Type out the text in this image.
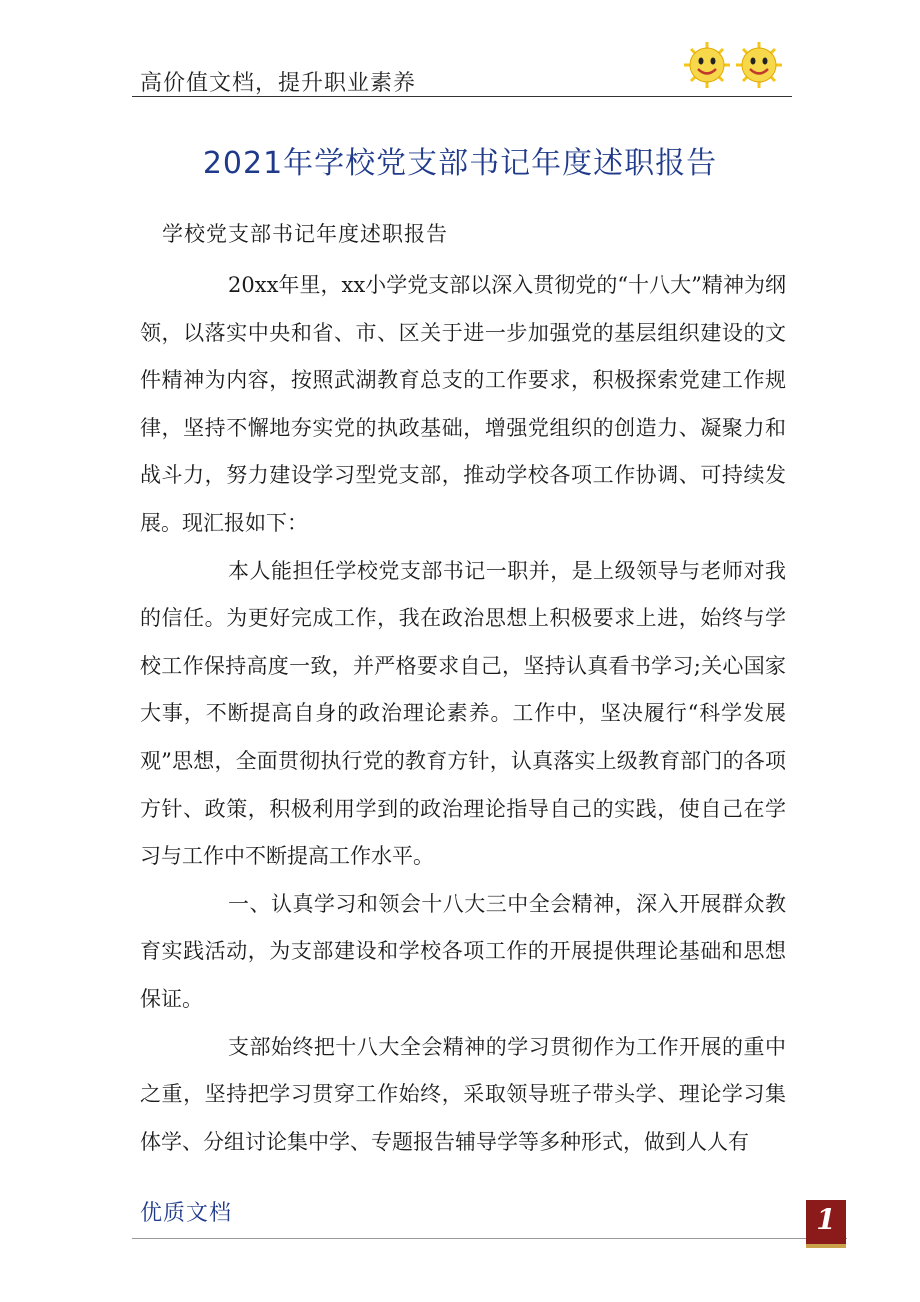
高价值文档，提升职业素养
2021年学校党支部书记年度述职报告
学校党支部书记年度述职报告

20xx年里，xx小学党支部以深入贯彻党的“十八大”精神为纲领，以落实中央和省、市、区关于进一步加强党的基层组织建设的文件精神为内容，按照武湖教育总支的工作要求，积极探索党建工作规律，坚持不懈地夯实党的执政基础，增强党组织的创造力、凝聚力和战斗力，努力建设学习型党支部，推动学校各项工作协调、可持续发展。现汇报如下：

本人能担任学校党支部书记一职并，是上级领导与老师对我的信任。为更好完成工作，我在政治思想上积极要求上进，始终与学校工作保持高度一致，并严格要求自己，坚持认真看书学习;关心国家大事，不断提高自身的政治理论素养。工作中，坚决履行“科学发展观”思想，全面贯彻执行党的教育方针，认真落实上级教育部门的各项方针、政策，积极利用学到的政治理论指导自己的实践，使自己在学习与工作中不断提高工作水平。

一、认真学习和领会十八大三中全会精神，深入开展群众教育实践活动，为支部建设和学校各项工作的开展提供理论基础和思想保证。

支部始终把十八大全会精神的学习贯彻作为工作开展的重中之重，坚持把学习贯穿工作始终，采取领导班子带头学、理论学习集体学、分组讨论集中学、专题报告辅导学等多种形式，做到人人有

优质文档	1
